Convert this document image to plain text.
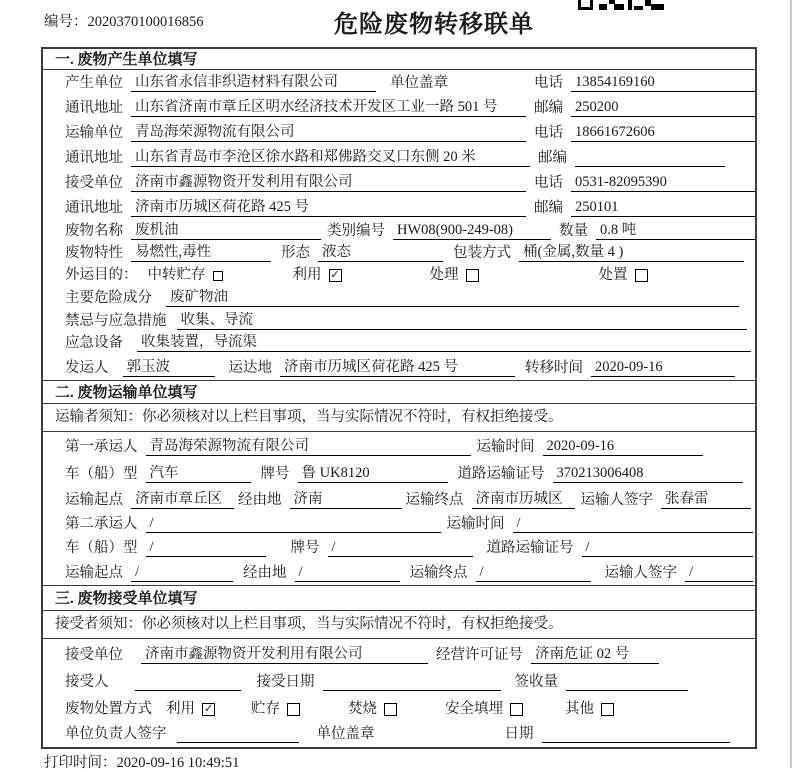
编号：2020370100016856	危险废物转移联单
一. 废物产生单位填写
产生单位 山东省永信非织造材料有限公司	单位盖章	电话 13854169160
通讯地址 山东省济南市章丘区明水经济技术开发区工业一路 501 号	邮编 250200
运输单位 青岛海荣源物流有限公司	电话 18661672606
通讯地址 山东省青岛市李沧区徐水路和郑佛路交叉口东侧 20 米	邮编
接受单位 济南市鑫源物资开发利用有限公司	电话 0531-82095390
通讯地址 济南市历城区荷花路 425 号	邮编 250101
废物名称 废机油	类别编号 HW08(900-249-08)	数量 0.8 吨
废物特性 易燃性,毒性	形态 液态	包装方式 桶(金属,数量 4 )
外运目的： 中转贮存	利用 ✓	处理	处置
主要危险成分 废矿物油
禁忌与应急措施 收集、导流
应急设备 收集装置，导流渠
发运人 郭玉波	运达地 济南市历城区荷花路 425 号	转移时间 2020-09-16
二. 废物运输单位填写
运输者须知：你必须核对以上栏目事项，当与实际情况不符时，有权拒绝接受。
第一承运人 青岛海荣源物流有限公司	运输时间 2020-09-16
车（船）型 汽车	牌号 鲁 UK8120	道路运输证号 370213006408
运输起点 济南市章丘区	经由地 济南	运输终点 济南市历城区	运输人签字 张春雷
第二承运人 /	运输时间 /
车（船）型 /	牌号 /	道路运输证号 /
运输起点 /	经由地 /	运输终点 /	运输人签字 /
三. 废物接受单位填写
接受者须知：你必须核对以上栏目事项，当与实际情况不符时，有权拒绝接受。
接受单位 济南市鑫源物资开发利用有限公司	经营许可证号 济南危证 02 号
接受人	接受日期	签收量
废物处置方式 利用 ✓	贮存	焚烧	安全填埋	其他
单位负责人签字	单位盖章	日期
打印时间：2020-09-16 10:49:51
